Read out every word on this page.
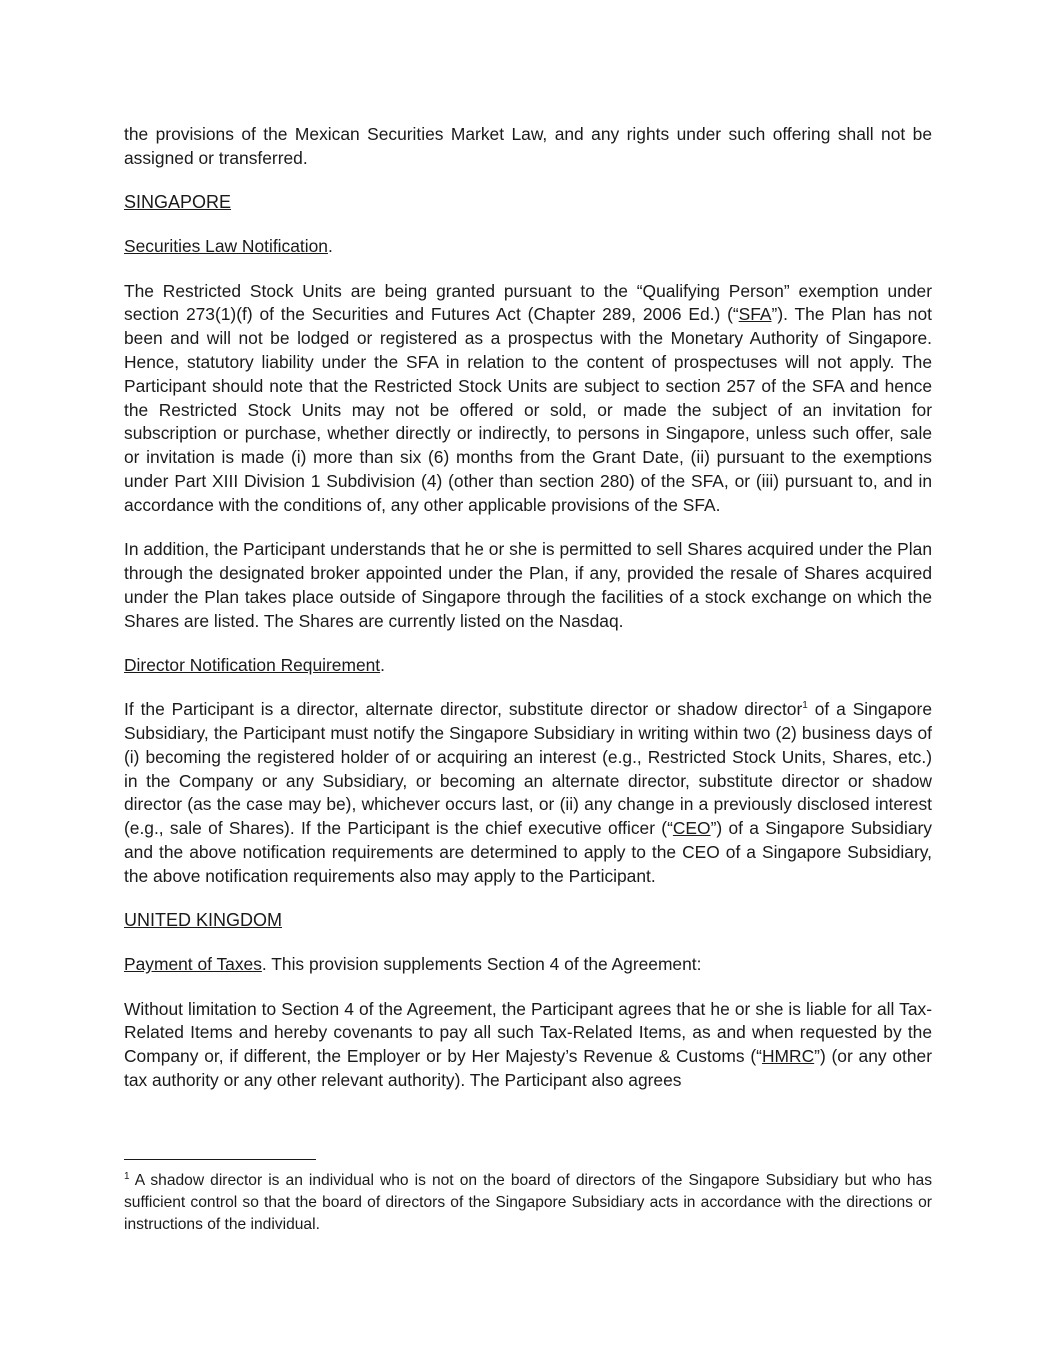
the provisions of the Mexican Securities Market Law, and any rights under such offering shall not be assigned or transferred.

SINGAPORE

Securities Law Notification.

The Restricted Stock Units are being granted pursuant to the “Qualifying Person” exemption under section 273(1)(f) of the Securities and Futures Act (Chapter 289, 2006 Ed.) (“SFA”). The Plan has not been and will not be lodged or registered as a prospectus with the Monetary Authority of Singapore. Hence, statutory liability under the SFA in relation to the content of prospectuses will not apply. The Participant should note that the Restricted Stock Units are subject to section 257 of the SFA and hence the Restricted Stock Units may not be offered or sold, or made the subject of an invitation for subscription or purchase, whether directly or indirectly, to persons in Singapore, unless such offer, sale or invitation is made (i) more than six (6) months from the Grant Date, (ii) pursuant to the exemptions under Part XIII Division 1 Subdivision (4) (other than section 280) of the SFA, or (iii) pursuant to, and in accordance with the conditions of, any other applicable provisions of the SFA.

In addition, the Participant understands that he or she is permitted to sell Shares acquired under the Plan through the designated broker appointed under the Plan, if any, provided the resale of Shares acquired under the Plan takes place outside of Singapore through the facilities of a stock exchange on which the Shares are listed. The Shares are currently listed on the Nasdaq.

Director Notification Requirement.

If the Participant is a director, alternate director, substitute director or shadow director$^1$ of a Singapore Subsidiary, the Participant must notify the Singapore Subsidiary in writing within two (2) business days of (i) becoming the registered holder of or acquiring an interest (e.g., Restricted Stock Units, Shares, etc.) in the Company or any Subsidiary, or becoming an alternate director, substitute director or shadow director (as the case may be), whichever occurs last, or (ii) any change in a previously disclosed interest (e.g., sale of Shares). If the Participant is the chief executive officer (“CEO”) of a Singapore Subsidiary and the above notification requirements are determined to apply to the CEO of a Singapore Subsidiary, the above notification requirements also may apply to the Participant.

UNITED KINGDOM

Payment of Taxes. This provision supplements Section 4 of the Agreement:

Without limitation to Section 4 of the Agreement, the Participant agrees that he or she is liable for all Tax-Related Items and hereby covenants to pay all such Tax-Related Items, as and when requested by the Company or, if different, the Employer or by Her Majesty’s Revenue & Customs (“HMRC”) (or any other tax authority or any other relevant authority). The Participant also agrees

$^1$ A shadow director is an individual who is not on the board of directors of the Singapore Subsidiary but who has sufficient control so that the board of directors of the Singapore Subsidiary acts in accordance with the directions or instructions of the individual.
